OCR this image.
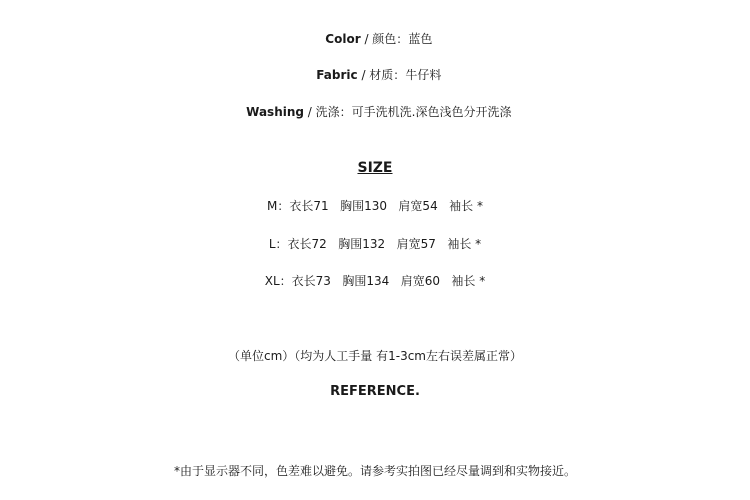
Color / 颜色：蓝色

Fabric / 材质：牛仔料

Washing / 洗涤：可手洗机洗.深色浅色分开洗涤

SIZE
M：衣长71   胸围130   肩宽54   袖长 *
L：衣长72   胸围132   肩宽57   袖长 *
XL：衣长73   胸围134   肩宽60   袖长 *
（单位cm）（均为人工手量 有1-3cm左右误差属正常）
REFERENCE.
*由于显示器不同，色差难以避免。请参考实拍图已经尽量调到和实物接近。
